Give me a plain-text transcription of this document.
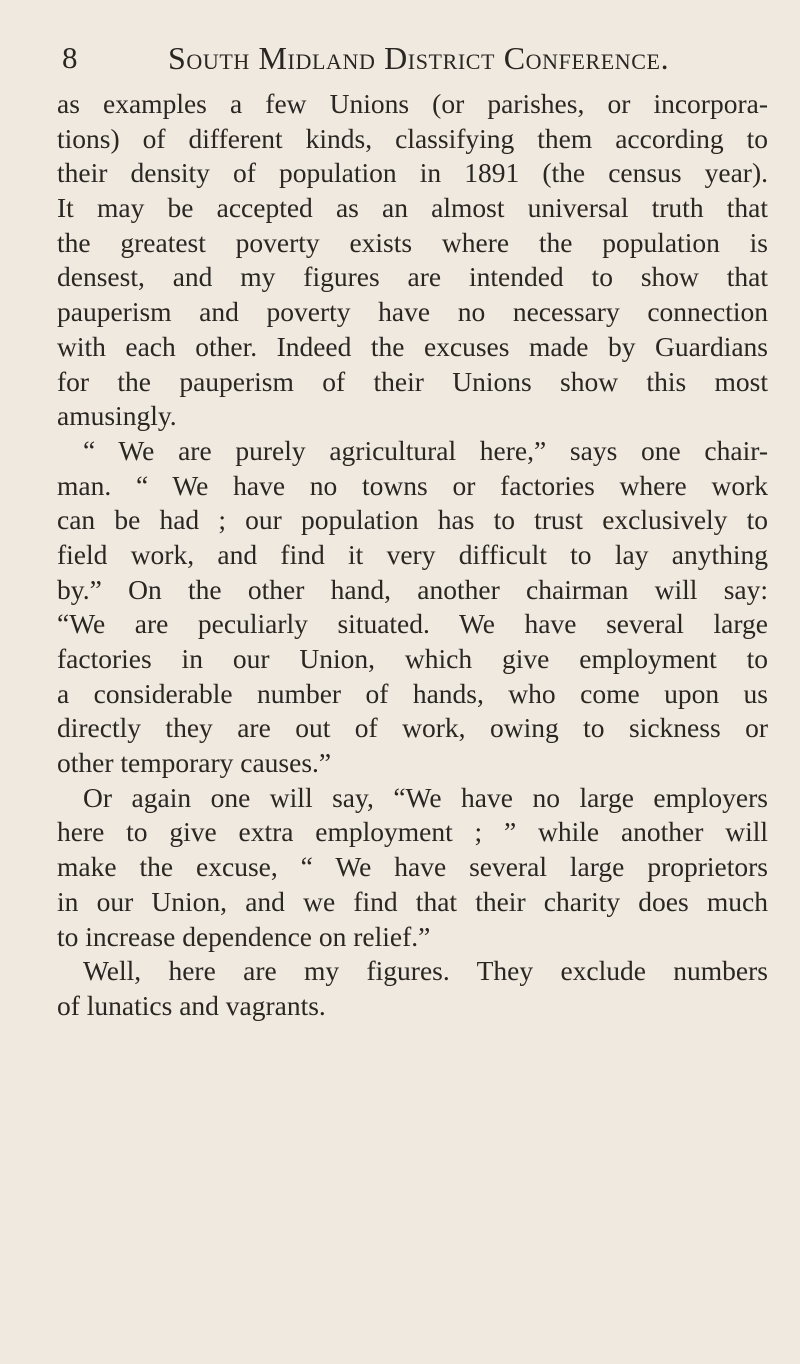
8	South Midland District Conference.
as examples a few Unions (or parishes, or incorpora-
tions) of different kinds, classifying them according to
their density of population in 1891 (the census year).
It may be accepted as an almost universal truth that
the greatest poverty exists where the population is
densest, and my figures are intended to show that
pauperism and poverty have no necessary connection
with each other. Indeed the excuses made by Guardians
for the pauperism of their Unions show this most
amusingly.
“ We are purely agricultural here,” says one chair-
man. “ We have no towns or factories where work
can be had ; our population has to trust exclusively to
field work, and find it very difficult to lay anything
by.” On the other hand, another chairman will say:
“We are peculiarly situated. We have several large
factories in our Union, which give employment to
a considerable number of hands, who come upon us
directly they are out of work, owing to sickness or
other temporary causes.”
Or again one will say, “We have no large employers
here to give extra employment ; ” while another will
make the excuse, “ We have several large proprietors
in our Union, and we find that their charity does much
to increase dependence on relief.”
Well, here are my figures. They exclude numbers
of lunatics and vagrants.
